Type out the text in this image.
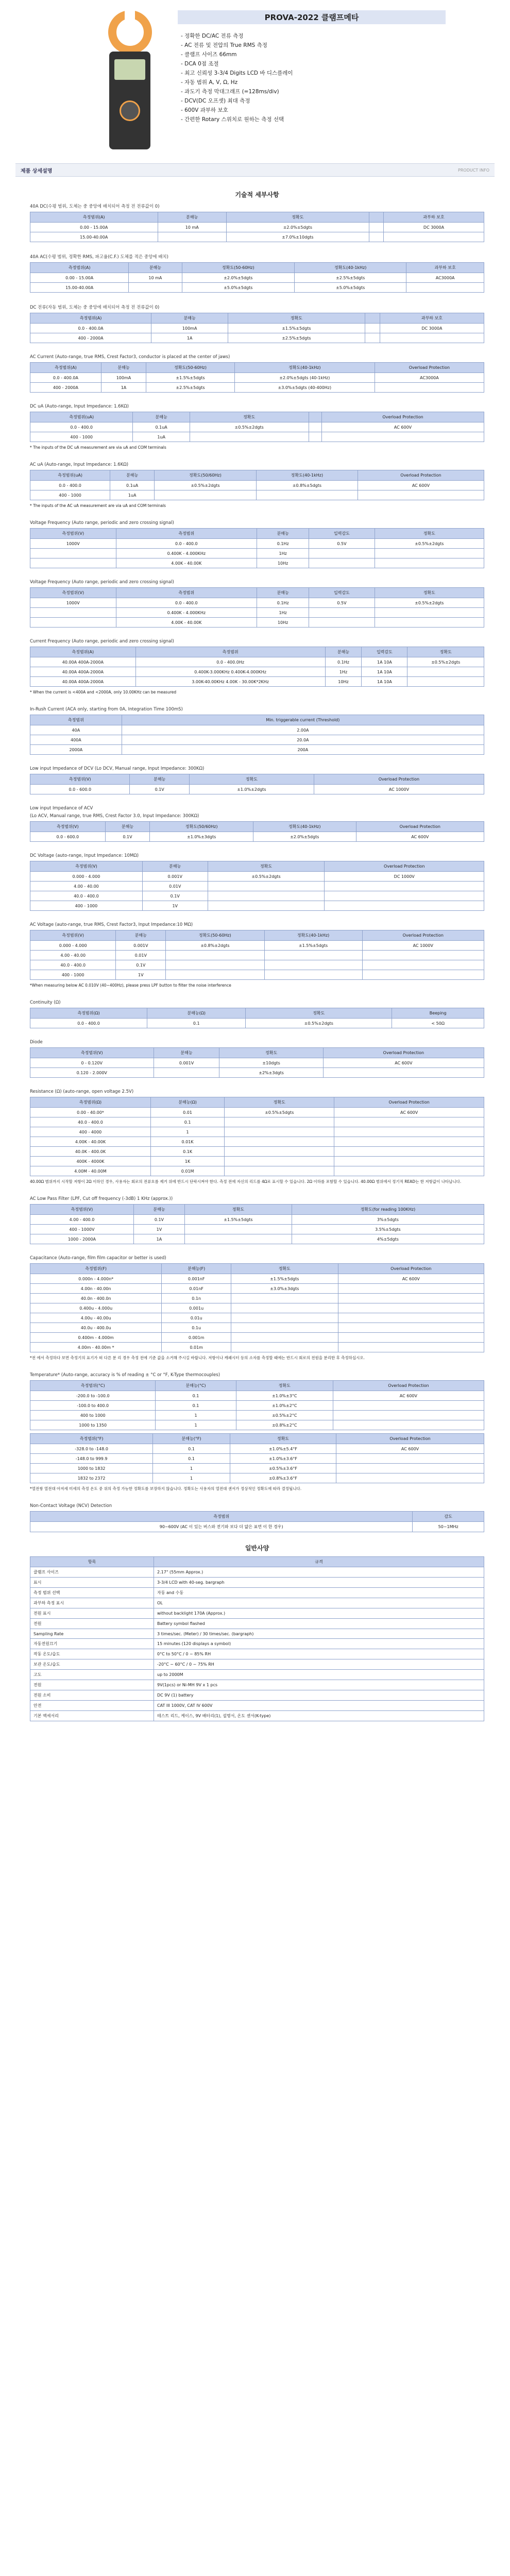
PROVA-2022 클램프메타
- 정확한 DC/AC 전류 측정
- AC 전류 및 전압의 True RMS 측정
- 클램프 사이즈 66mm
- DCA 0점 조절
- 최고 신뢰성 3-3/4 Digits LCD 바 디스플레이
- 자동 범위 A, V, Ω, Hz
- 과도기 측정 막대그래프 (=128ms/div)
- DCV(DC 오프셋) 최대 측정
- 600V 과부하 보호
- 간편한 Rotary 스위치로 원하는 측정 선택
제품 상세설명	PRODUCT INFO
기술적 세부사항
40A DC(수평 범위, 도체는 중 중앙에 배치되어 측정 전 전류값이 0)
측정범위(A)	분해능	정확도		과부하 보호
0.00 - 15.00A	10 mA	±2.0%±5dgts		DC 3000A
15.00-40.00A		±7.0%±10dgts		
40A AC(수평 범위, 정확한 RMS, 파고율(C.F.) 도체를 적은 중앙에 배치)
측정범위(A)	분해능	정확도(50-60Hz)	정확도(40-1kHz)	과부하 보호
0.00 - 15.00A	10 mA	±2.0%±5dgts	±2.5%±5dgts	AC3000A
15.00-40.00A		±5.0%±5dgts	±5.0%±5dgts	
DC 전류(자동 범위, 도체는 중 중앙에 배치되어 측정 전 전류값이 0)
측정범위(A)	분해능	정확도		과부하 보호
0.0 - 400.0A	100mA	±1.5%±5dgts		DC 3000A
400 - 2000A	1A	±2.5%±5dgts		
AC Current (Auto-range, true RMS, Crest Factor3, conductor is placed at the center of jaws)
측정범위(A)	분해능	정확도(50-60Hz)	정확도(40-1kHz)	Overload Protection
0.0 - 400.0A	100mA	±1.5%±5dgts	±2.0%±5dgts (40-1kHz)	AC3000A
400 - 2000A	1A	±2.5%±5dgts	±3.0%±5dgts (40-400Hz)	
DC uA (Auto-range, Input Impedance: 1.6KΩ)
측정범위(uA)	분해능	정확도		Overload Protection
0.0 - 400.0	0.1uA	±0.5%±2dgts		AC 600V
400 - 1000	1uA			
* The inputs of the DC uA measurement are via uA and COM terminals
AC uA (Auto-range, Input Impedance: 1.6KΩ)
측정범위(uA)	분해능	정확도(50/60Hz)	정확도(40-1kHz)	Overload Protection
0.0 - 400.0	0.1uA	±0.5%±2dgts	±0.8%±5dgts	AC 600V
400 - 1000	1uA			
* The inputs of the AC uA measurement are via uA and COM terminals
Voltage Frequency (Auto range, periodic and zero crossing signal)
측정범위(V)	측정범위	분해능	입력감도	정확도
1000V	0.0 - 400.0	0.1Hz	0.5V	±0.5%±2dgts
	0.400K - 4.000KHz	1Hz		
	4.00K - 40.00K	10Hz		
Voltage Frequency (Auto range, periodic and zero crossing signal)
측정범위(V)	측정범위	분해능	입력감도	정확도
1000V	0.0 - 400.0	0.1Hz	0.5V	±0.5%±2dgts
	0.400K - 4.000KHz	1Hz		
	4.00K - 40.00K	10Hz		
Current Frequency (Auto range, periodic and zero crossing signal)
측정범위(A)	측정범위	분해능	입력감도	정확도
40.00A 400A-2000A	0.0 - 400.0Hz	0.1Hz	1A 10A	±0.5%±2dgts
40.00A 400A-2000A	0.400K-3.000KHz 0.400K-4.000KHz	1Hz	1A 10A	
40.00A 400A-2000A	3.00K-40.00KHz 4.00K - 30.00K*2KHz	10Hz	1A 10A	
* When the current is <400A and <2000A, only 10.00KHz can be measured
In-Rush Current (ACA only, starting from 0A, Integration Time 100mS)
측정범위	Min. triggerable current (Threshold)
40A	2.00A
400A	20.0A
2000A	200A
Low input Impedance of DCV (Lo DCV, Manual range, Input Impedance: 300KΩ)
측정범위(V)	분해능	정확도	Overload Protection
0.0 - 600.0	0.1V	±1.0%±2dgts	AC 1000V
Low input Impedance of ACV
(Lo ACV, Manual range, true RMS, Crest Factor 3.0, Input Impedance: 300KΩ)
측정범위(V)	분해능	정확도(50/60Hz)	정확도(40-1kHz)	Overload Protection
0.0 - 600.0	0.1V	±1.0%±3dgts	±2.0%±5dgts	AC 600V
DC Voltage (auto-range, Input Impedance: 10MΩ)
측정범위(V)	분해능	정확도	Overload Protection
0.000 - 4.000	0.001V	±0.5%±2dgts	DC 1000V
4.00 - 40.00	0.01V		
40.0 - 400.0	0.1V		
400 - 1000	1V		
AC Voltage (auto-range, true RMS, Crest Factor3, Input Impedance:10 MΩ)
측정범위(V)	분해능	정확도(50-60Hz)	정확도(40-1kHz)	Overload Protection
0.000 - 4.000	0.001V	±0.8%±2dgts	±1.5%±5dgts	AC 1000V
4.00 - 40.00	0.01V			
40.0 - 400.0	0.1V			
400 - 1000	1V			
*When measuring below AC 0.010V (40~400Hz), please press LPF button to filter the noise interference
Continuity (Ω)
측정범위(Ω)	분해능(Ω)	정확도	Beeping
0.0 - 400.0	0.1	±0.5%±2dgts	< 50Ω
Diode
측정범위(V)	분해능	정확도	Overload Protection
0 - 0.120V	0.001V	±10dgts	AC 600V
0.120 - 2.000V		±2%±3dgts	
Resistance (Ω) (auto-range, open voltage 2.5V)
측정범위(Ω)	분해능(Ω)	정확도	Overload Protection
0.00 - 40.00*	0.01	±0.5%±5dgts	AC 600V
40.0 - 400.0	0.1		
400 - 4000	1		
4.00K - 40.00K	0.01K		
40.0K - 400.0K	0.1K		
400K - 4000K	1K		
4.00M - 40.00M	0.01M		
40.00Ω 범위까지 시작할 저항이 2Ω 이하인 경우, 사용자는 회로의 전류흐름 제거 위에 반드시 단락시켜야 한다. 측정 전에 자신의 리드를 4Ω로 표시할 수 있습니다. 2Ω 이하를 포함할 수 있습니다. 40.00Ω 범위에서 정기적 READ는 한 저항값이 나타납니다.
AC Low Pass Filter (LPF, Cut off frequency (-3dB) 1 KHz (approx.))
측정범위(V)	분해능	정확도	정확도(for reading 100KHz)
4.00 - 400.0	0.1V	±1.5%±5dgts	3%±5dgts
400 - 1000V	1V		3.5%±5dgts
1000 - 2000A	1A		4%±5dgts
Capacitance (Auto-range, film film capacitor or better is used)
측정범위(F)	분해능(F)	정확도	Overload Protection
0.000n - 4.000n*	0.001nF	±1.5%±5dgts	AC 600V
4.00n - 40.00n	0.01nF	±3.0%±3dgts	
40.0n - 400.0n	0.1n		
0.400u - 4.000u	0.001u		
4.00u - 40.00u	0.01u		
40.0u - 400.0u	0.1u		
0.400m - 4.000m	0.001m		
4.00m - 40.00m *	0.01m		
*전 에서 측정하다 보면 측정기의 표기가 떠 다른 분 리 경우 측정 전에 기준 값을 소거해 주시길 바랍니다. 저항이나 캐패시터 등의 소자를 측정할 때에는 반드시 회로의 전원을 분리한 후 측정하십시오.
Temperature* (Auto-range, accuracy is % of reading ± °C or °F, K-Type thermocouples)
측정범위(°C)	분해능(°C)	정확도	Overload Protection
-200.0 to -100.0	0.1	±1.0%±3°C	AC 600V
-100.0 to 400.0	0.1	±1.0%±2°C	
400 to 1000	1	±0.5%±2°C	
1000 to 1350	1	±0.8%±2°C	
측정범위(°F)	분해능(°F)	정확도	Overload Protection
-328.0 to -148.0	0.1	±1.0%±5.4°F	AC 600V
-148.0 to 999.9	0.1	±1.0%±3.6°F	
1000 to 1832	1	±0.5%±3.6°F	
1832 to 2372	1	±0.8%±3.6°F	
*열전쌍 열전대 아저세 미세의 측정 온도 중 위의 측정 가능한 정확도를 보장하지 않습니다. 정확도는 사용자의 열전대 센서가 정상적인 정확도에 따라 결정됩니다.
Non-Contact Voltage (NCV) Detection
측정범위	감도
90~600V (AC 이 있는 버스와 전기와 보다 더 얇은 표면 이 한 경우)	50~1MHz
일반사양
항목	규격
클램프 사이즈	2.17" (55mm Approx.)
표시	3-3/4 LCD with 40-seg. bargraph
측정 범위 선택	자동 and 수동
과부하 측정 표시	OL
전원 표시	without backlight 170A (Approx.)
전원	Battery symbol flashed
Sampling Rate	3 times/sec. (Meter) / 30 times/sec. (bargraph)
자동전원끄기	15 minutes (120 displays a symbol)
작동 온도/습도	0°C to 50°C / 0 ~ 85% RH
보관 온도/습도	-20°C ~ 60°C / 0 ~ 75% RH
고도	up to 2000M
전원	9V(1pcs) or Ni-MH 9V x 1 pcs
전원 소비	DC 9V (1) battery
안전	CAT III 1000V, CAT IV 600V
기본 액세서리	테스트 리드, 케이스, 9V 배터리(1), 설명서, 온도 센서(K-type)
